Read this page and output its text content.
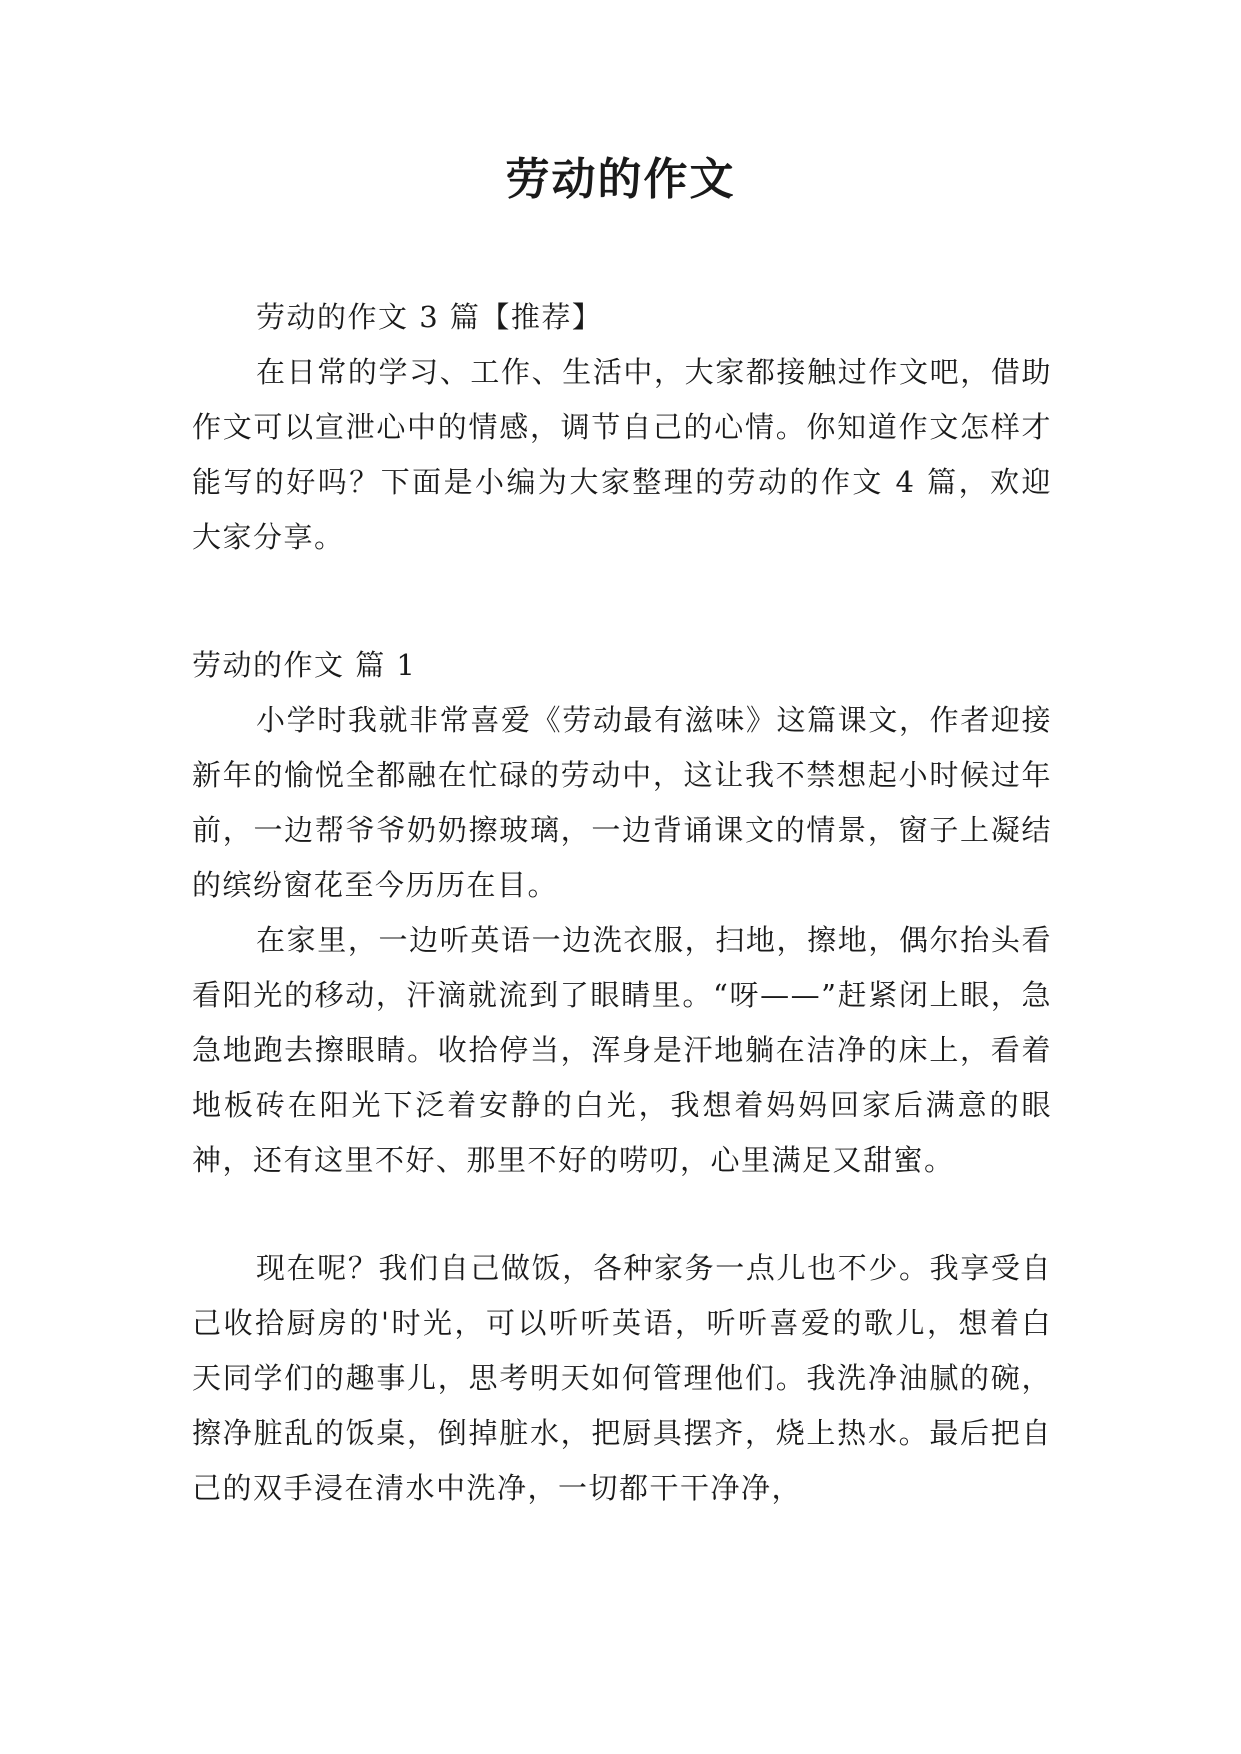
劳动的作文
劳动的作文 3 篇【推荐】
在日常的学习、工作、生活中，大家都接触过作文吧，借助作文可以宣泄心中的情感，调节自己的心情。你知道作文怎样才能写的好吗？下面是小编为大家整理的劳动的作文 4 篇，欢迎大家分享。
劳动的作文 篇 1
小学时我就非常喜爱《劳动最有滋味》这篇课文，作者迎接新年的愉悦全都融在忙碌的劳动中，这让我不禁想起小时候过年前，一边帮爷爷奶奶擦玻璃，一边背诵课文的情景，窗子上凝结的缤纷窗花至今历历在目。
在家里，一边听英语一边洗衣服，扫地，擦地，偶尔抬头看看阳光的移动，汗滴就流到了眼睛里。“呀——”赶紧闭上眼，急急地跑去擦眼睛。收拾停当，浑身是汗地躺在洁净的床上，看着地板砖在阳光下泛着安静的白光，我想着妈妈回家后满意的眼神，还有这里不好、那里不好的唠叨，心里满足又甜蜜。
现在呢？我们自己做饭，各种家务一点儿也不少。我享受自己收拾厨房的'时光，可以听听英语，听听喜爱的歌儿，想着白天同学们的趣事儿，思考明天如何管理他们。我洗净油腻的碗，擦净脏乱的饭桌，倒掉脏水，把厨具摆齐，烧上热水。最后把自己的双手浸在清水中洗净，一切都干干净净，
